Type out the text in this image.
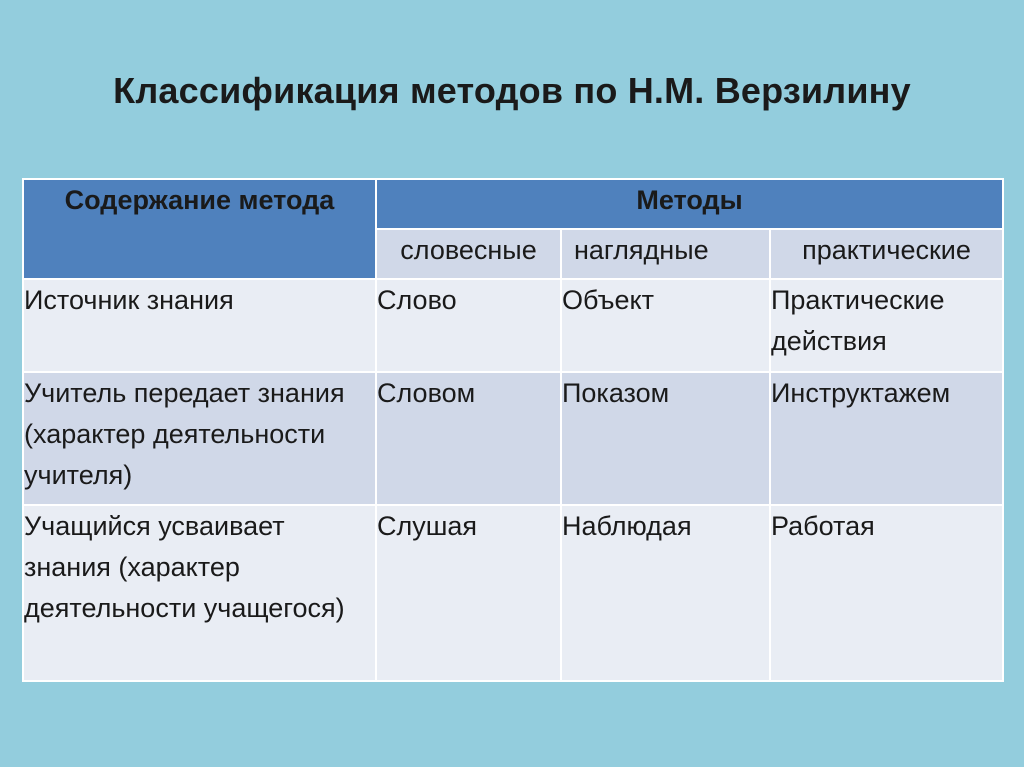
Классификация методов по Н.М. Верзилину
Содержание метода	Методы		
	словесные	наглядные	практические
Источник знания	Слово	Объект	Практические действия
Учитель передает знания (характер деятельности учителя)	Словом	Показом	Инструктажем
Учащийся усваивает знания (характер деятельности учащегося)	Слушая	Наблюдая	Работая
